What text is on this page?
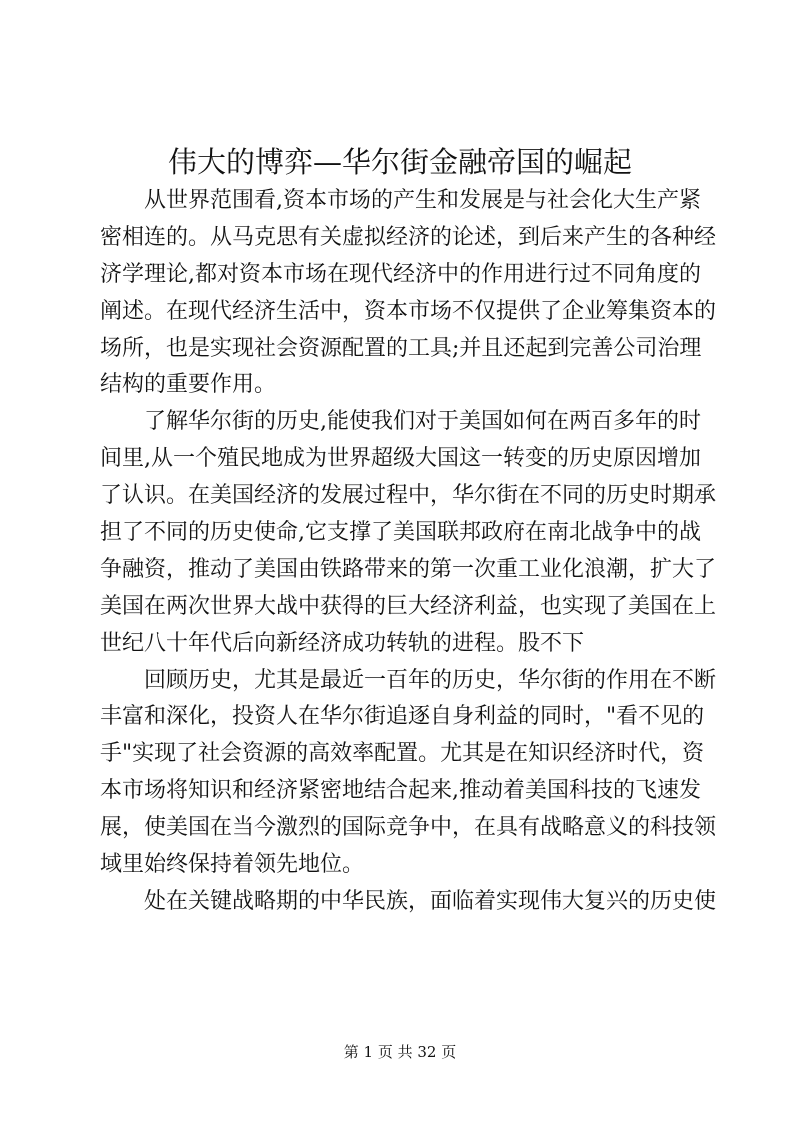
伟大的博弈—华尔街金融帝国的崛起
从世界范围看,资本市场的产生和发展是与社会化大生产紧
密相连的。从马克思有关虚拟经济的论述，到后来产生的各种经
济学理论,都对资本市场在现代经济中的作用进行过不同角度的
阐述。在现代经济生活中，资本市场不仅提供了企业筹集资本的
场所，也是实现社会资源配置的工具;并且还起到完善公司治理
结构的重要作用。
了解华尔街的历史,能使我们对于美国如何在两百多年的时
间里,从一个殖民地成为世界超级大国这一转变的历史原因增加
了认识。在美国经济的发展过程中，华尔街在不同的历史时期承
担了不同的历史使命,它支撑了美国联邦政府在南北战争中的战
争融资，推动了美国由铁路带来的第一次重工业化浪潮，扩大了
美国在两次世界大战中获得的巨大经济利益，也实现了美国在上
世纪八十年代后向新经济成功转轨的进程。股不下
回顾历史，尤其是最近一百年的历史，华尔街的作用在不断
丰富和深化，投资人在华尔街追逐自身利益的同时，"看不见的
手"实现了社会资源的高效率配置。尤其是在知识经济时代，资
本市场将知识和经济紧密地结合起来,推动着美国科技的飞速发
展，使美国在当今激烈的国际竞争中，在具有战略意义的科技领
域里始终保持着领先地位。
处在关键战略期的中华民族，面临着实现伟大复兴的历史使
第 1 页 共 32 页
